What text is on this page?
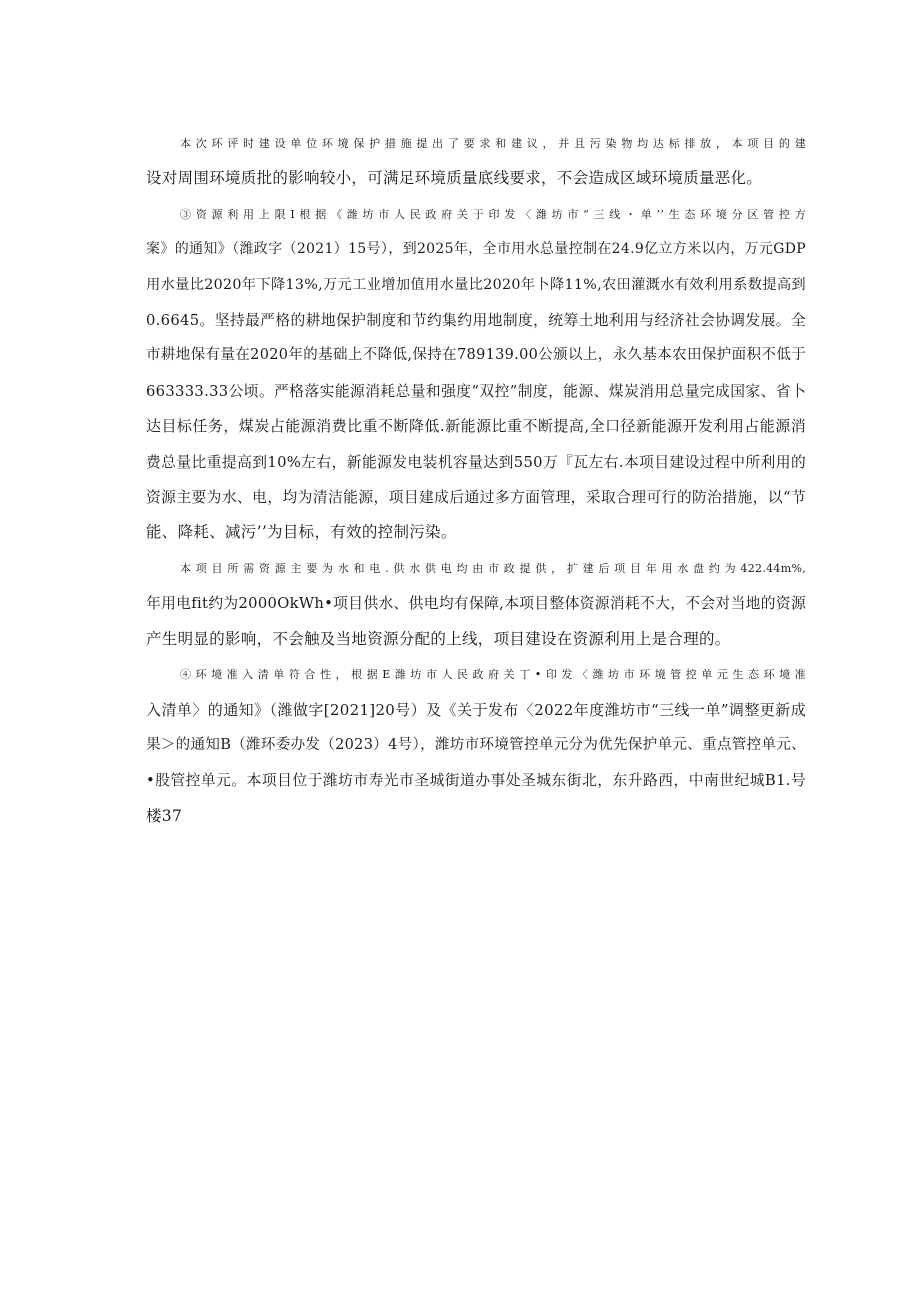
本次环评时建设单位环境保护措施提出了要求和建议，并且污染物均达标排放，本项目的建
设对周围环境质批的影响较小，可满足环境质量底线要求，不会造成区域环境质量恶化。

③资源利用上限I根据《潍坊市人民政府关于印发〈潍坊市“三线・单’’生态环境分区管控方
案》的通知》（潍政字（2021）15号），到2025年，全市用水总量控制在24.9亿立方米以内，万元GDP
用水量比2020年下降13%,万元工业增加值用水量比2020年卜降11%,农田灌溉水有效利用系数提高到
0.6645。坚持最严格的耕地保护制度和节约集约用地制度，统筹土地利用与经济社会协调发展。全
市耕地保有量在2020年的基础上不降低,保持在789139.00公颁以上，永久基本农田保护面积不低于
663333.33公顷。严格落实能源消耗总量和强度“双控”制度，能源、煤炭消用总量完成国家、省卜
达目标任务，煤炭占能源消费比重不断降低.新能源比重不断提高,全口径新能源开发利用占能源消
费总量比重提高到10%左右，新能源发电装机容量达到550万『瓦左右.本项目建设过程中所利用的
资源主要为水、电，均为清洁能源，项目建成后通过多方面管理，采取合理可行的防治措施，以“节
能、降耗、减污’’为目标，有效的控制污染。

本项目所需资源主要为水和电.供水供电均由市政提供，扩建后项目年用水盘约为422.44m%,
年用电fit约为2000OkWh•项目供水、供电均有保障,本项目整体资源消耗不大，不会对当地的资源
产生明显的影响，不会触及当地资源分配的上线，项目建设在资源利用上是合理的。

④环境准入清单符合性，根据E潍坊市人民政府关丁•印发〈潍坊市环境管控单元生态环境准
入清单〉的通知》（潍做字[2021]20号）及《关于发布〈2022年度潍坊市“三线一单”调整更新成
果＞的通知B（潍环委办发（2023）4号），潍坊市环境管控单元分为优先保护单元、重点管控单元、
•股管控单元。本项目位于潍坊市寿光市圣城街道办事处圣城东街北，东升路西，中南世纪城B1.号
楼37
